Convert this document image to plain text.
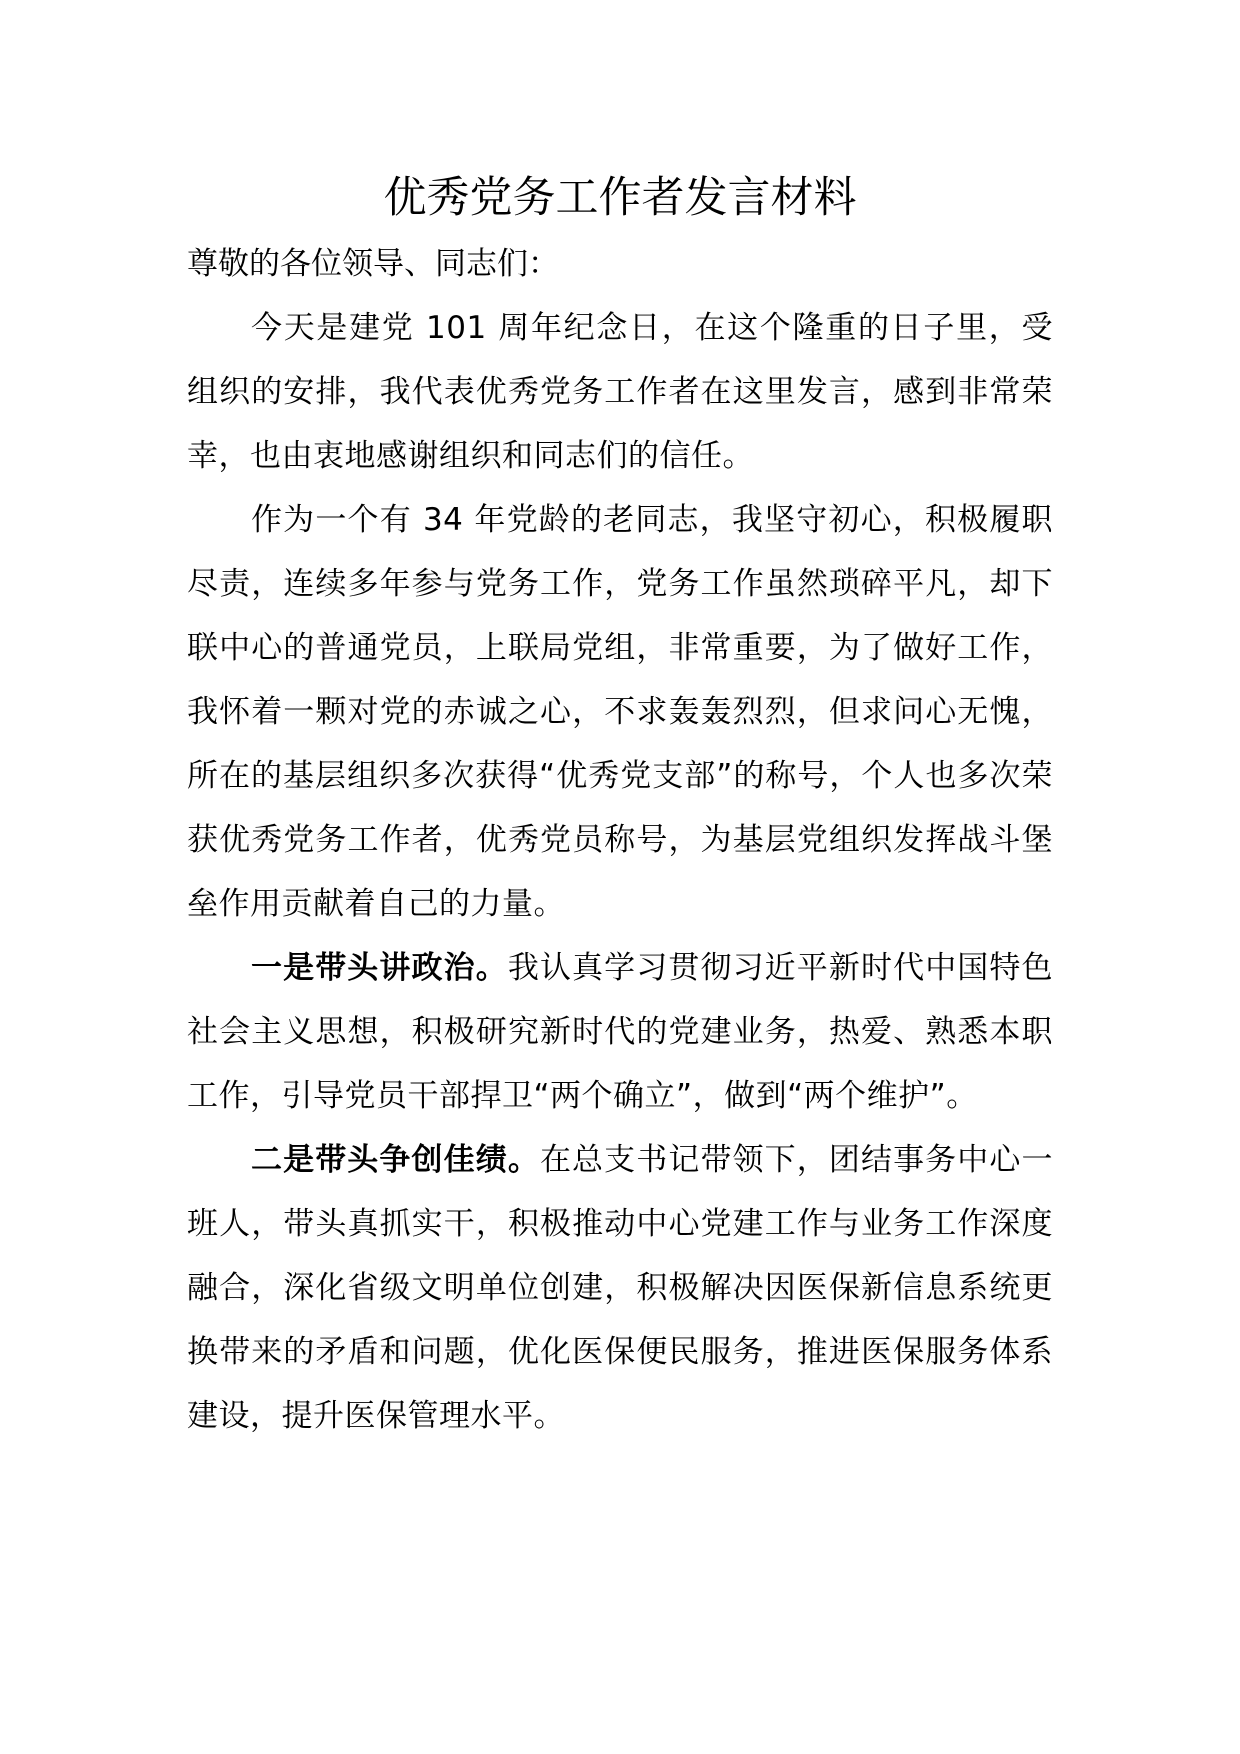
优秀党务工作者发言材料

尊敬的各位领导、同志们：

今天是建党 101 周年纪念日，在这个隆重的日子里，受组织的安排，我代表优秀党务工作者在这里发言，感到非常荣幸，也由衷地感谢组织和同志们的信任。

作为一个有 34 年党龄的老同志，我坚守初心，积极履职尽责，连续多年参与党务工作，党务工作虽然琐碎平凡，却下联中心的普通党员，上联局党组，非常重要，为了做好工作，我怀着一颗对党的赤诚之心，不求轰轰烈烈，但求问心无愧，所在的基层组织多次获得“优秀党支部”的称号，个人也多次荣获优秀党务工作者，优秀党员称号，为基层党组织发挥战斗堡垒作用贡献着自己的力量。

一是带头讲政治。我认真学习贯彻习近平新时代中国特色社会主义思想，积极研究新时代的党建业务，热爱、熟悉本职工作，引导党员干部捍卫“两个确立”，做到“两个维护”。

二是带头争创佳绩。在总支书记带领下，团结事务中心一班人，带头真抓实干，积极推动中心党建工作与业务工作深度融合，深化省级文明单位创建，积极解决因医保新信息系统更换带来的矛盾和问题，优化医保便民服务，推进医保服务体系建设，提升医保管理水平。
